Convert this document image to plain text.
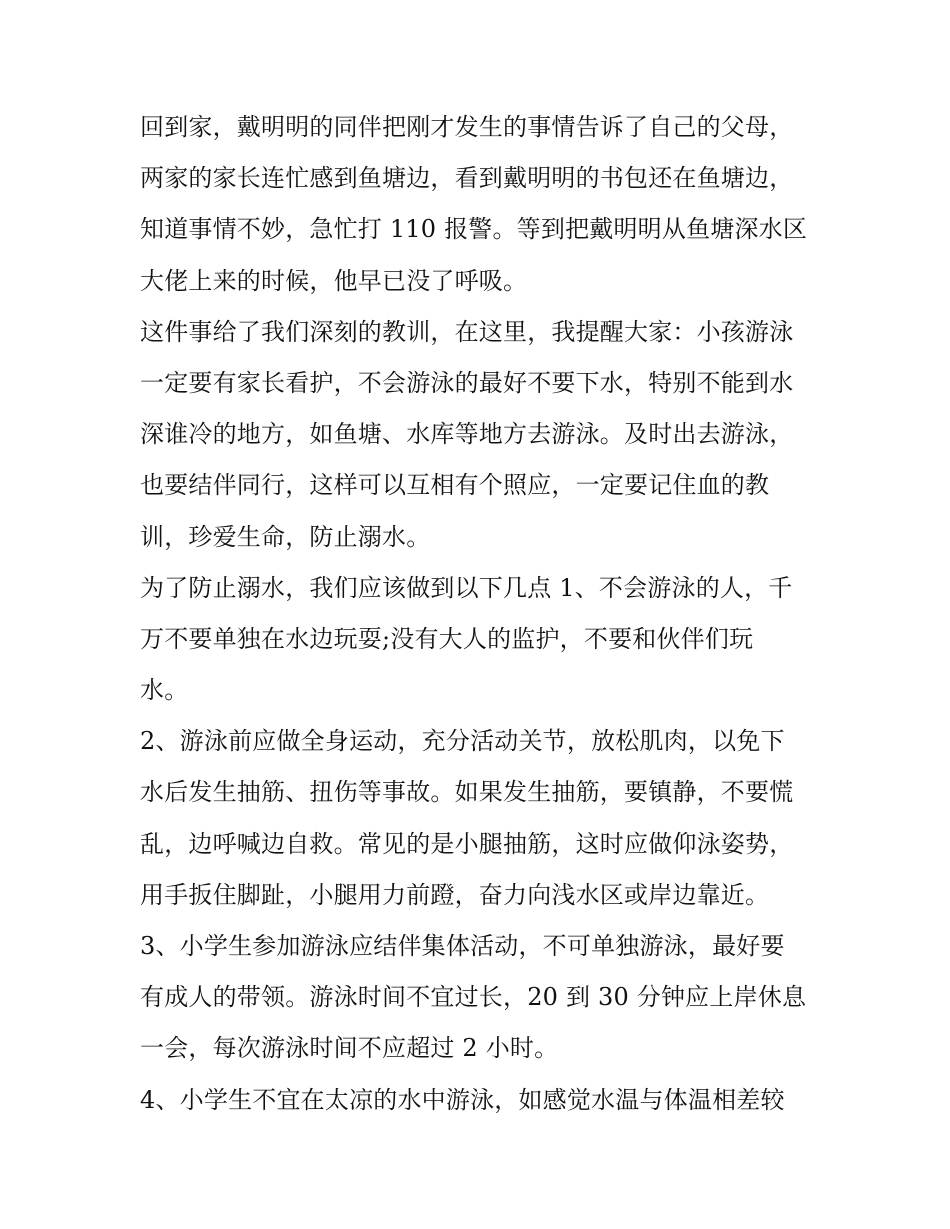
回到家，戴明明的同伴把刚才发生的事情告诉了自己的父母，
两家的家长连忙感到鱼塘边，看到戴明明的书包还在鱼塘边，
知道事情不妙，急忙打 110 报警。等到把戴明明从鱼塘深水区
大佬上来的时候，他早已没了呼吸。
这件事给了我们深刻的教训，在这里，我提醒大家：小孩游泳
一定要有家长看护，不会游泳的最好不要下水，特别不能到水
深谁冷的地方，如鱼塘、水库等地方去游泳。及时出去游泳，
也要结伴同行，这样可以互相有个照应，一定要记住血的教
训，珍爱生命，防止溺水。
为了防止溺水，我们应该做到以下几点 1、不会游泳的人，千
万不要单独在水边玩耍;没有大人的监护，不要和伙伴们玩
水。
2、游泳前应做全身运动，充分活动关节，放松肌肉，以免下
水后发生抽筋、扭伤等事故。如果发生抽筋，要镇静，不要慌
乱，边呼喊边自救。常见的是小腿抽筋，这时应做仰泳姿势，
用手扳住脚趾，小腿用力前蹬，奋力向浅水区或岸边靠近。
3、小学生参加游泳应结伴集体活动，不可单独游泳，最好要
有成人的带领。游泳时间不宜过长，20 到 30 分钟应上岸休息
一会，每次游泳时间不应超过 2 小时。
4、小学生不宜在太凉的水中游泳，如感觉水温与体温相差较
